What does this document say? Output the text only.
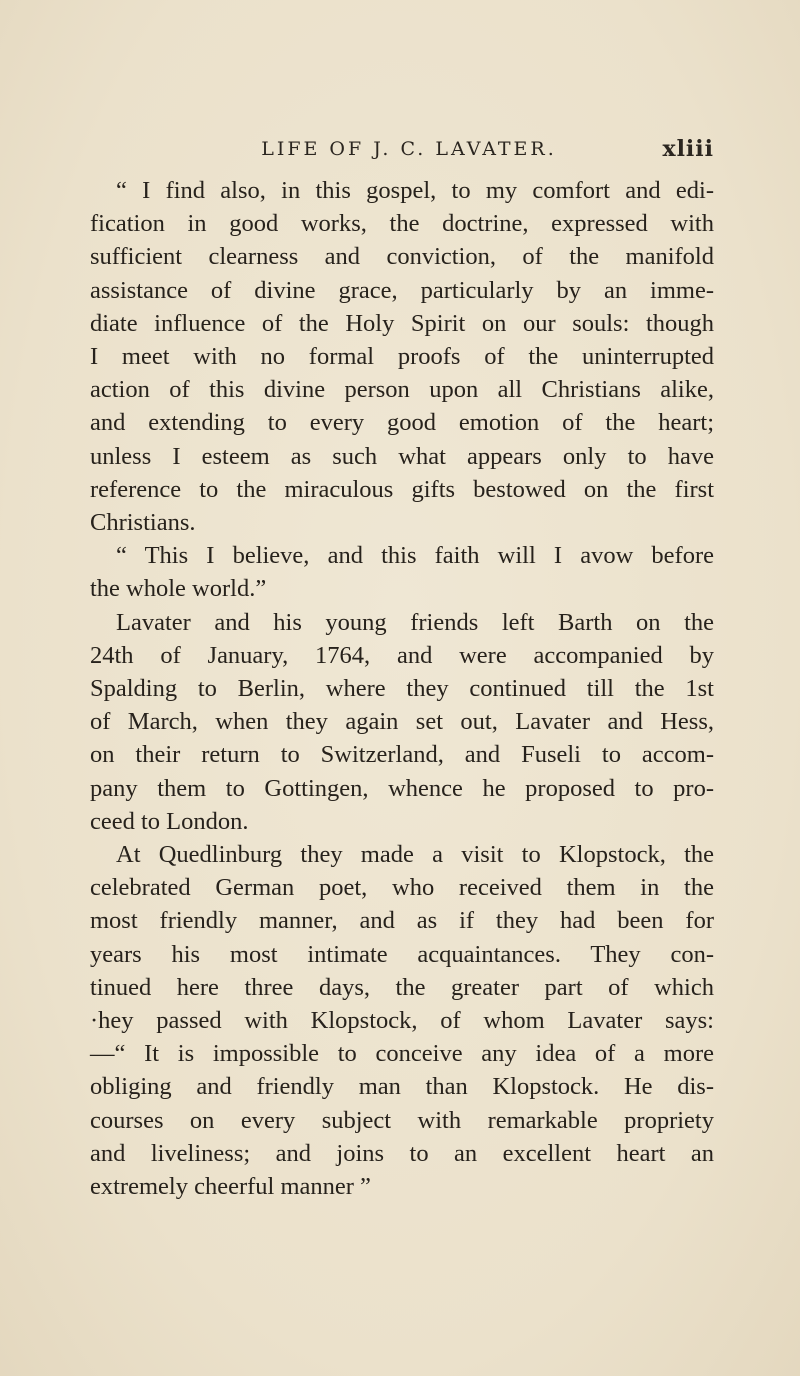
LIFE OF J. C. LAVATER.	xliii

“ I find also, in this gospel, to my comfort and edi-
fication in good works, the doctrine, expressed with
sufficient clearness and conviction, of the manifold
assistance of divine grace, particularly by an imme-
diate influence of the Holy Spirit on our souls: though
I meet with no formal proofs of the uninterrupted
action of this divine person upon all Christians alike,
and extending to every good emotion of the heart;
unless I esteem as such what appears only to have
reference to the miraculous gifts bestowed on the first
Christians.

“ This I believe, and this faith will I avow before
the whole world.”

Lavater and his young friends left Barth on the
24th of January, 1764, and were accompanied by
Spalding to Berlin, where they continued till the 1st
of March, when they again set out, Lavater and Hess,
on their return to Switzerland, and Fuseli to accom-
pany them to Gottingen, whence he proposed to pro-
ceed to London.

At Quedlinburg they made a visit to Klopstock, the
celebrated German poet, who received them in the
most friendly manner, and as if they had been for
years his most intimate acquaintances. They con-
tinued here three days, the greater part of which
·hey passed with Klopstock, of whom Lavater says:
—“ It is impossible to conceive any idea of a more
obliging and friendly man than Klopstock. He dis-
courses on every subject with remarkable propriety
and liveliness; and joins to an excellent heart an
extremely cheerful manner ”
